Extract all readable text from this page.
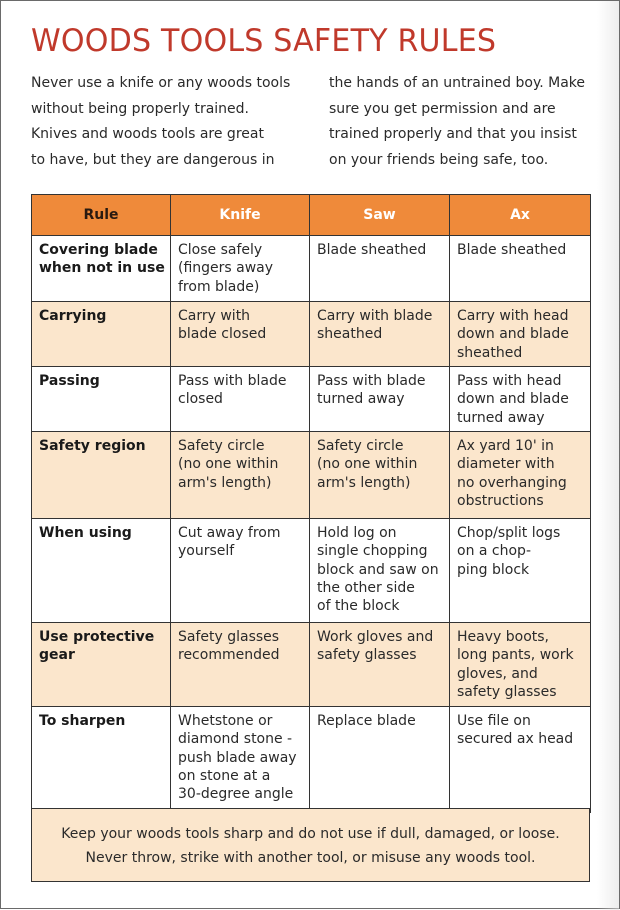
WOODS TOOLS SAFETY RULES
Never use a knife or any woods tools
without being properly trained.
Knives and woods tools are great
to have, but they are dangerous in
the hands of an untrained boy. Make
sure you get permission and are
trained properly and that you insist
on your friends being safe, too.
Rule	Knife	Saw	Ax

Covering blade
when not in use	Close safely
(fingers away
from blade)	Blade sheathed	Blade sheathed

Carrying	Carry with
blade closed	Carry with blade
sheathed	Carry with head
down and blade
sheathed

Passing	Pass with blade
closed	Pass with blade
turned away	Pass with head
down and blade
turned away

Safety region	Safety circle
(no one within
arm's length)	Safety circle
(no one within
arm's length)	Ax yard 10' in
diameter with
no overhanging
obstructions

When using	Cut away from
yourself	Hold log on
single chopping
block and saw on
the other side
of the block	Chop/split logs
on a chop-
ping block

Use protective
gear	Safety glasses
recommended	Work gloves and
safety glasses	Heavy boots,
long pants, work
gloves, and
safety glasses

To sharpen	Whetstone or
diamond stone -
push blade away
on stone at a
30-degree angle	Replace blade	Use file on
secured ax head
Keep your woods tools sharp and do not use if dull, damaged, or loose.
Never throw, strike with another tool, or misuse any woods tool.
